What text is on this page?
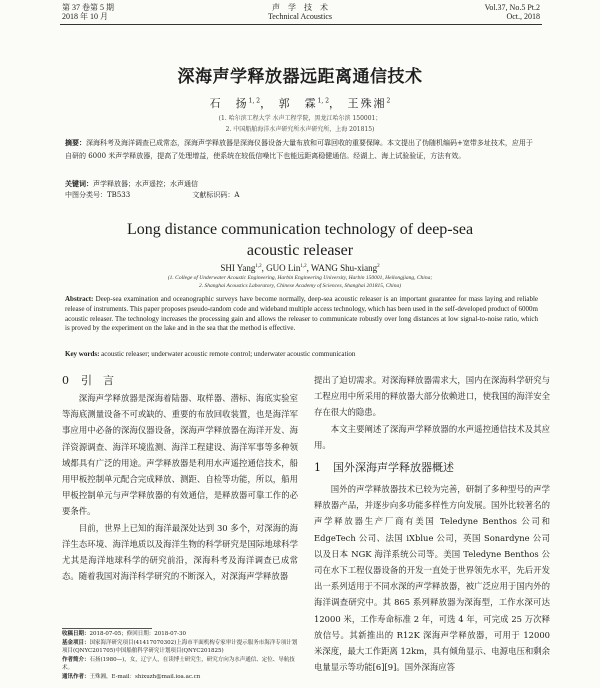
第 37 卷第 5 期
2018 年 10 月
声　学　技　术
Technical Acoustics
Vol.37, No.5 Pt.2
Oct., 2018
深海声学释放器远距离通信技术
石　扬$^{1, 2}$， 郭　霖$^{1, 2}$， 王殊湘$^2$
(1. 哈尔滨工程大学 水声工程学院，黑龙江哈尔滨 150001；
2. 中国船舶海洋水声研究所水声研究所，上海 201815)
摘要：深海科考及海洋调查已成常态，深海声学释放器是深海仪器设备大量布放和可靠回收的重要保障。本文提出了伪随机编码+宽带多址技术，应用于自研的 6000 米声学释放器，提高了处理增益，使系统在较低信噪比下也能远距离稳健通信。经湖上、海上试验验证，方法有效。
关键词：声学释放器；水声遥控；水声通信
中图分类号：TB533	文献标识码：A
Long distance communication technology of deep-sea
acoustic releaser
SHI Yang$^{1,2}$, GUO Lin$^{1,2}$, WANG Shu-xiang$^2$
(1. College of Underwater Acoustic Engineering, Harbin Engineering University, Harbin 150001, Heilongjiang, China;
2. Shanghai Acoustics Laboratory, Chinese Academy of Sciences, Shanghai 201815, China)
Abstract: Deep-sea examination and oceanographic surveys have become normally, deep-sea acoustic releaser is an important guarantee for mass laying and reliable release of instruments. This paper proposes pseudo-random code and wideband multiple access technology, which has been used in the self-developed product of 6000m acoustic releaser. The technology increases the processing gain and allows the releaser to communicate robustly over long distances at low signal-to-noise ratio, which is proved by the experiment on the lake and in the sea that the method is effective.
Key words: acoustic releaser; underwater acoustic remote control; underwater acoustic communication
0 引　言

深海声学释放器是深海着陆器、取样器、潜标、海底实验室等海底测量设备不可或缺的、重要的布放回收装置，也是海洋军事应用中必备的深海仪器设备，深海声学释放器在海洋开发、海洋资源调查、海洋环境监测、海洋工程建设、海洋军事等多种领域都具有广泛的用途。声学释放器是利用水声遥控通信技术，船用甲板控制单元配合完成释放、测距、自检等功能，所以，船用甲板控制单元与声学释放器的有效通信，是释放器可靠工作的必要条件。

目前，世界上已知的海洋最深处达到 30 多个，对深海的海洋生态环境、海洋地质以及海洋生物的科学研究是国际地球科学尤其是海洋地球科学的研究前沿，深海科考及海洋调查已成常态。随着我国对海洋科学研究的不断深入，对深海声学释放器

提出了迫切需求。对深海释放器需求大，国内在深海科学研究与工程应用中所采用的释放器大部分依赖进口，使我国的海洋安全存在很大的隐患。

本文主要阐述了深海声学释放器的水声遥控通信技术及其应用。

1 国外深海声学释放器概述

国外的声学释放器技术已较为完善，研制了多种型号的声学释放器产品，并逐步向多功能多样性方向发展。国外比较著名的声学释放器生产厂商有美国 Teledyne Benthos 公司和 EdgeTech 公司、法国 iXblue 公司，英国 Sonardyne 公司以及日本 NGK 海洋系统公司等。美国 Teledyne Benthos 公司在水下工程仪器设备的开发一直处于世界领先水平，先后开发出一系列适用于不同水深的声学释放器，被广泛应用于国内外的海洋调查研究中。其 865 系列释放器为深海型，工作水深可达 12000 米，工作寿命标准 2 年，可选 4 年，可完成 25 万次释放信号。其新推出的 R12K 深海声学释放器，可用于 12000 米深度，最大工作距离 12km，具有倾角显示、电源电压和剩余电量显示等功能[6][9]。国外深海应答

收稿日期：2018-07-05；修回日期：2018-07-30
基金项目：国家海洋研究项目(41417070302)上海市平面机构专家审计提示服务市海洋专项计划项目(QNYC201705)中国船舶科学研究计划项目(QNYC201825)
作者简介：石扬(1980—)，女，辽宁人，在读博士研究生，研究方向为水声通信、定位、导航技术。
通讯作者：王殊湘，E-mail：shixuzh@mail.ioa.ac.cn
